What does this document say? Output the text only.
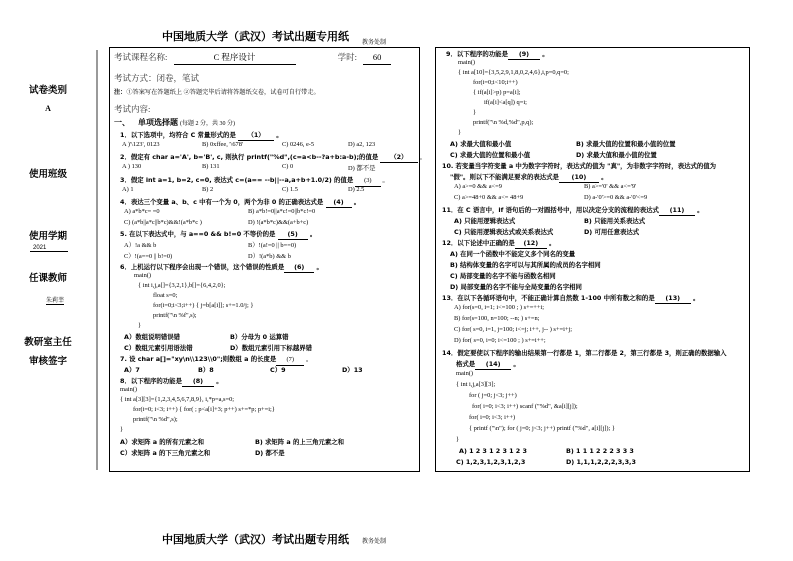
中国地质大学（武汉）考试出题专用纸 教务处制
试卷类别
A
使用班级
使用学期
2021
任课教师
朱莉莘
教研室主任
审核签字
考试课程名称:	C 程序设计	学时: 60
考试方式：闭卷，笔试
注：①答案写在答题纸上 ②答题完毕后请将答题纸交卷，试卷可自行带走。
考试内容:
一、 单项选择题 (每题 2 分，共 30 分)
1．以下选项中，均符合 C 常量形式的是 （1） 。
A )'\123', 0123	B) 0xffee, '\678'	C) 0246, e-5	D) a2, 123
2．假定有 char a='A', b='B', c, 则执行 printf("%d",(c=a<b--?a+b:a-b);的值是 （2） 。
A ) 130	B) 131	C) 0	D) 都不是
3．假定 int a=1, b=2, c=0, 表达式 c=(a== --b||--a,a+b+1.0/2) 的值是 (3) 。
A) 1	B) 2	C) 1.5	D) 2.5
4．表达三个变量 a、b、c 中有一个为 0，两个为非 0 的正确表达式是 (4) 。
A) a*b*c= =0	B) a*b!=0||a*c!=0||b*c!=0
C) (a*b||a*c||b*c)&&!(a*b*c )	D) !(a*b*c)&&(a+b+c)
5. 在以下表达式中，与 a==0 && b!=0 不等价的是 (5) 。
A）!a && b	B）!(a!=0 || b==0)
C）!(a==0 || b!=0)	D）!(a*b) && b
6．上机运行以下程序会出现一个错误，这个错误的性质是 (6) 。
main()
{ int i,j,a[]={3,2,1},b[]={6,4,2,0};
float s=0;
for(i=0;i<3;i++) { j=b[a[i]]; s+=1.0/j; }
printf("\n %f",s);
}
A）数组说明错误错	B）分母为 0 运算错
C）数组元素引用语法错	D）数组元素引用下标越界错
7. 设 char a[]="xy\n\\123\\0";则数组 a 的长度是 (7) 。
A）7	B）8	C）9	D）13
8．以下程序的功能是 (8) 。
main()
{ int a[3][3]={1,2,3,4,5,6,7,8,9}, i,*p=a,s=0;
for(i=0; i<3; i++) { for( ; p<a[i]+3; p++) s+=*p; p+=i;}
printf("\n %d",s);
}
A）求矩阵 a 的所有元素之和	B) 求矩阵 a 的上三角元素之和
C）求矩阵 a 的下三角元素之和	D) 都不是
9．以下程序的功能是 (9) 。
main()
{ int a[10]={3,5,2,9,1,8,0,2,4,6},i,p=0,q=0;
for(i=0;i<10;i++)
{ if(a[i]>p) p=a[i];
if(a[i]<a[q]) q=i;
}
printf("\n %d,%d",p,q);
}
A) 求最大值和最小值	B) 求最大值的位置和最小值的位置
C) 求最大值的位置和最小值	D) 求最大值和最小值的位置
10. 若变量当字符变量 a 中为数字字符时，表达式的值为 "真"，为非数字字符时，表达式的值为
"假"。则以下不能满足要求的表达式是 (10) 。
A) a>=0 && a<=9	B) a>='0' && a<='9'
C) a>=48+0 && a<= 48+9	D) a-'0'>=0 && a-'0'<=9
11．在 C 语言中，if 语句后的一对圆括号中，用以决定分支的流程的表达式 (11) 。
A) 只能用逻辑表达式	B) 只能用关系表达式
C) 只能用逻辑表达式或关系表达式	D) 可用任意表达式
12．以下论述中正确的是 (12) 。
A) 在同一个函数中不能定义多个同名的变量
B) 结构体变量的名字可以与其所属的成员的名字相同
C) 局部变量的名字不能与函数名相同
D) 局部变量的名字不能与全局变量的名字相同
13．在以下各循环语句中，不能正确计算自然数 1-100 中所有数之和的是 (13) 。
A) for(s=0, i=1; i<=100 ; ) s+=++i;
B) for(s=100, n=100; --n; ) s+=n;
C) for( s=0, i=1, j=100; i<=j; i++, j-- ) s+=i+j;
D) for( s=0, i=0; i<=100 ; ) s+=i++;
14．假定要使以下程序的输出结果第一行都是 1，第二行都是 2，第三行都是 3，则正确的数据输入
格式是 (14) 。
main()
{ int i,j,a[3][3];
for ( j=0; j<3; j++)
for( i=0; i<3; i++) scanf ("%d", &a[i][j]);
for( i=0; i<3; i++)
{ printf ("\n"); for ( j=0; j<3; j++) printf ("%d", a[i][j]); }
}
A) 1 2 3 1 2 3 1 2 3	B) 1 1 1 2 2 2 3 3 3
C) 1,2,3,1,2,3,1,2,3	D) 1,1,1,2,2,2,3,3,3
中国地质大学（武汉）考试出题专用纸 教务处制
